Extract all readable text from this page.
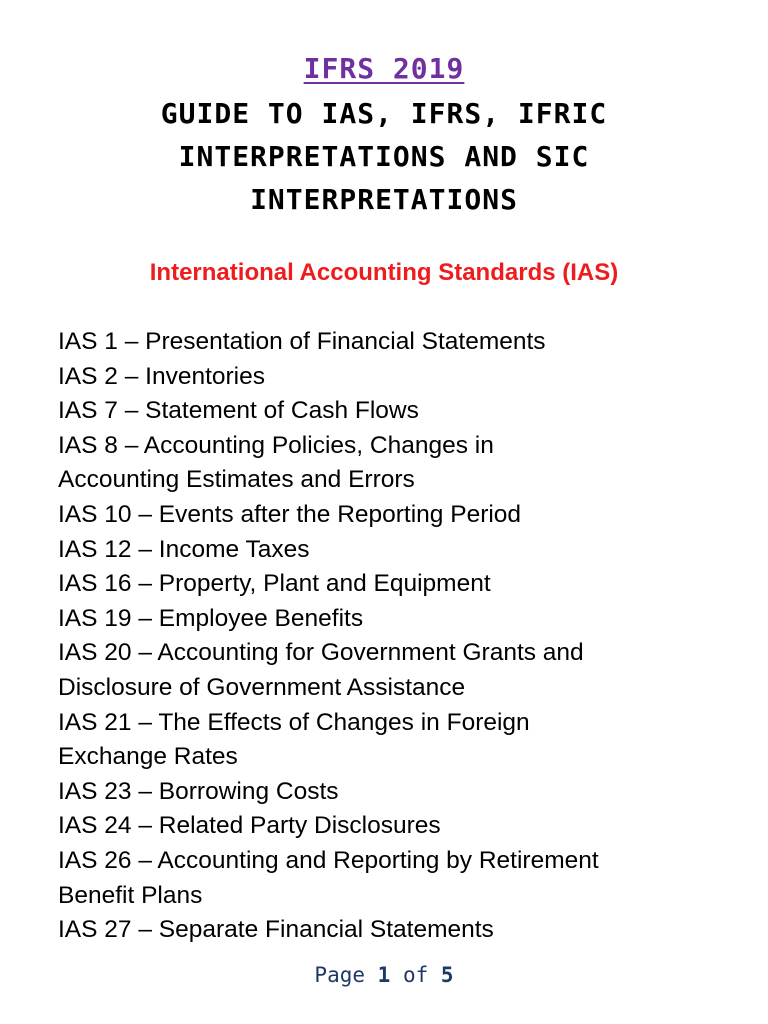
IFRS 2019
GUIDE TO IAS, IFRS, IFRIC
INTERPRETATIONS AND SIC
INTERPRETATIONS
International Accounting Standards (IAS)
IAS 1 – Presentation of Financial Statements
IAS 2 – Inventories
IAS 7 – Statement of Cash Flows
IAS 8 – Accounting Policies, Changes in
Accounting Estimates and Errors
IAS 10 – Events after the Reporting Period
IAS 12 – Income Taxes
IAS 16 – Property, Plant and Equipment
IAS 19 – Employee Benefits
IAS 20 – Accounting for Government Grants and
Disclosure of Government Assistance
IAS 21 – The Effects of Changes in Foreign
Exchange Rates
IAS 23 – Borrowing Costs
IAS 24 – Related Party Disclosures
IAS 26 – Accounting and Reporting by Retirement
Benefit Plans
IAS 27 – Separate Financial Statements
Page 1 of 5
